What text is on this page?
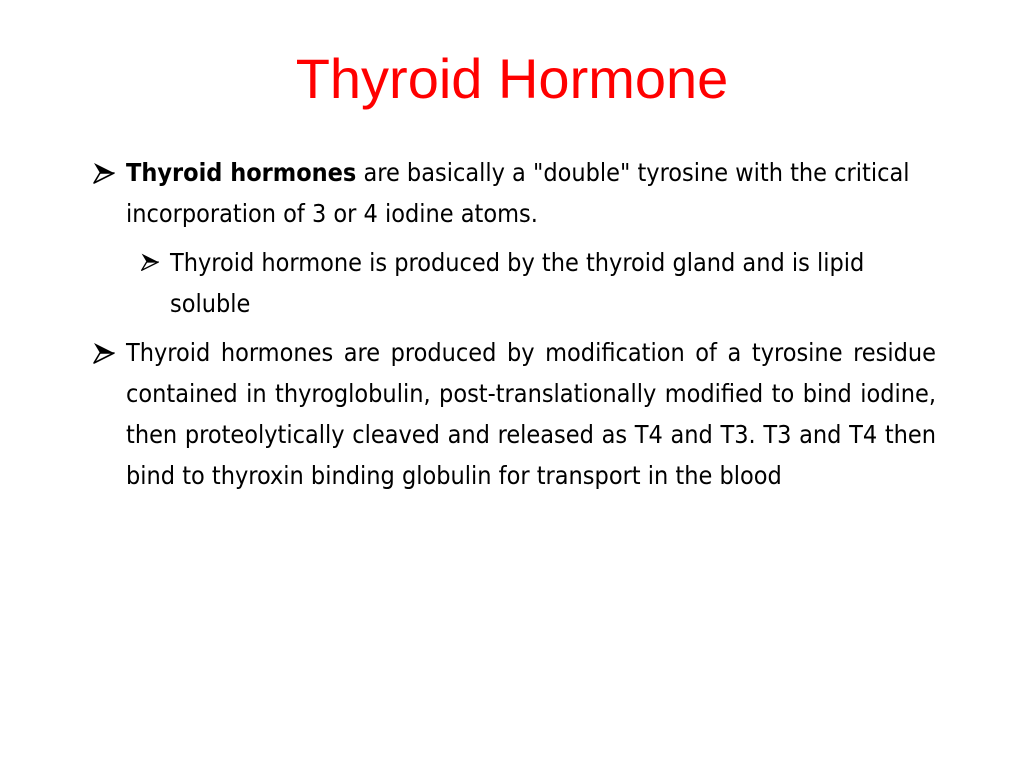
Thyroid Hormone
Thyroid hormones are basically a "double" tyrosine with the critical incorporation of 3 or 4 iodine atoms.
Thyroid hormone is produced by the thyroid gland and is lipid soluble
Thyroid hormones are produced by modification of a tyrosine residue contained in thyroglobulin, post-translationally modified to bind iodine, then proteolytically cleaved and released as T4 and T3. T3 and T4 then bind to thyroxin binding globulin for transport in the blood
